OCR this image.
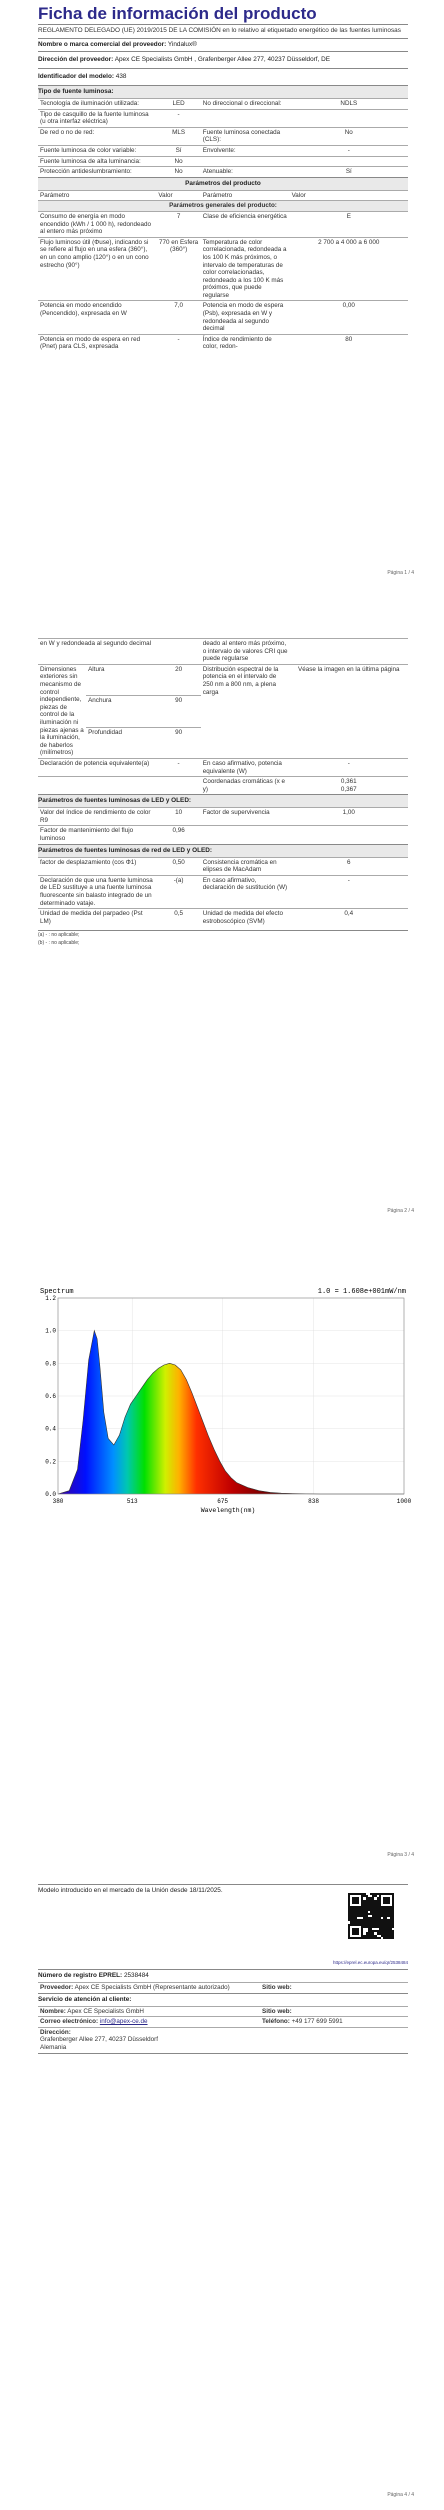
Ficha de información del producto
REGLAMENTO DELEGADO (UE) 2019/2015 DE LA COMISIÓN en lo relativo al etiquetado energético de las fuentes luminosas
Nombre o marca comercial del proveedor: Yindalux®
Dirección del proveedor: Apex CE Specialists GmbH , Grafenberger Allee 277, 40237 Düsseldorf, DE
Identificador del modelo: 438
Tipo de fuente luminosa:
Tecnología de iluminación utilizada:	LED	No direccional o direccional:	NDLS
Tipo de casquillo de la fuente luminosa (u otra interfaz eléctrica)	-		
De red o no de red:	MLS	Fuente luminosa conectada (CLS):	No
Fuente luminosa de color variable:	Sí	Envolvente:	-
Fuente luminosa de alta luminancia:	No		
Protección antideslumbramiento:	No	Atenuable:	Sí
Parámetros del producto
Parámetro	Valor	Parámetro	Valor
Parámetros generales del producto:			
Consumo de energía en modo encendido (kWh / 1 000 h), redondeado al entero más próximo	7	Clase de eficiencia energética	E
Flujo luminoso útil (Φuse), indicando si se refiere al flujo en una esfera (360°), en un cono amplio (120°) o en un cono estrecho (90°)	770 en Esfera (360°)	Temperatura de color correlacionada, redondeada a los 100 K más próximos, o intervalo de temperaturas de color correlacionadas, redondeado a los 100 K más próximos, que puede regularse	2 700 a 4 000 a 6 000
Potencia en modo encendido (Pencendido), expresada en W	7,0	Potencia en modo de espera (Psb), expresada en W y redondeada al segundo decimal	0,00
Potencia en modo de espera en red (Pnet) para CLS, expresada	-	Índice de rendimiento de color, redon-	80
Página 1 / 4
en W y redondeada al segundo decimal		deado al entero más próximo, o intervalo de valores CRI que puede regularse	
Dimensiones exteriores sin mecanismo de control independiente, piezas de control de la iluminación ni piezas ajenas a la iluminación, de haberlos (milímetros)	Altura	20	Distribución espectral de la potencia en el intervalo de 250 nm a 800 nm, a plena carga	Véase la imagen en la última página
	Anchura	90		
	Profundidad	90		
Declaración de potencia equivalente(a)	-	En caso afirmativo, potencia equivalente (W)	-
		Coordenadas cromáticas (x e y)	0,361
0,367
Parámetros de fuentes luminosas de LED y OLED:
Valor del índice de rendimiento de color R9	10	Factor de supervivencia	1,00
Factor de mantenimiento del flujo luminoso	0,96		
Parámetros de fuentes luminosas de red de LED y OLED:
factor de desplazamiento (cos Φ1)	0,50	Consistencia cromática en elipses de MacAdam	6
Declaración de que una fuente luminosa de LED sustituye a una fuente luminosa fluorescente sin balasto integrado de un determinado vataje.	-(a)	En caso afirmativo, declaración de sustitución (W)	-
Unidad de medida del parpadeo (Pst LM)	0,5	Unidad de medida del efecto estroboscópico (SVM)	0,4
(a) - : no aplicable;
(b) - : no aplicable;
Página 2 / 4
0.0
0.2
0.4
0.6
0.8
1.0
1.2
380	513	675	838	1000
Spectrum	1.0 = 1.608e+001mW/nm
Wavelength(nm)
Página 3 / 4
Modelo introducido en el mercado de la Unión desde 18/11/2025.
https://eprel.ec.europa.eu/qr/2538484
Número de registro EPREL: 2538484
Proveedor: Apex CE Specialists GmbH (Representante autorizado)	Sitio web:
Servicio de atención al cliente:
Nombre: Apex CE Specialists GmbH	Sitio web:
Correo electrónico: info@apex-ce.de	Teléfono: +49 177 699 5991
Dirección:
Grafenberger Allee 277, 40237 Düsseldorf
Alemania	
Página 4 / 4
